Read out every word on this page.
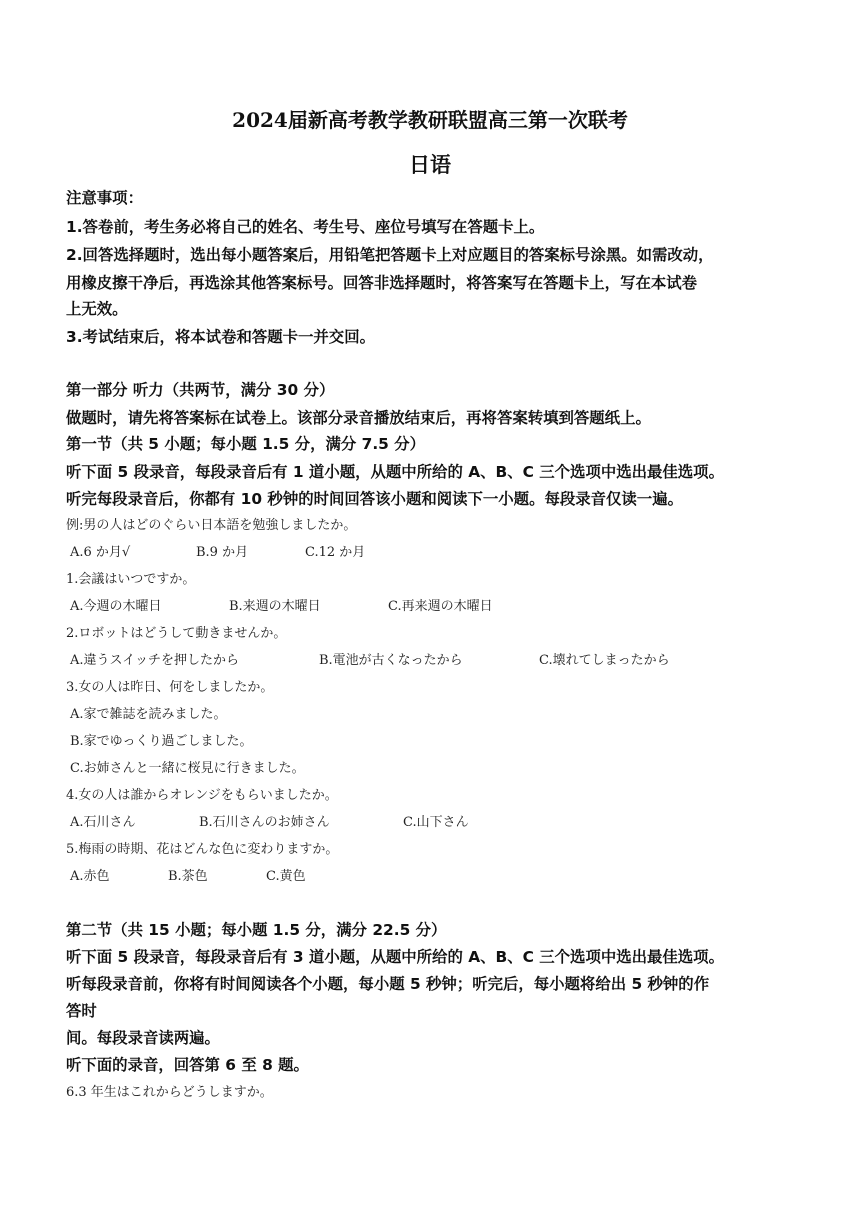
2024届新高考教学教研联盟高三第一次联考
日语
注意事项：
1.答卷前，考生务必将自己的姓名、考生号、座位号填写在答题卡上。
2.回答选择题时，选出每小题答案后，用铅笔把答题卡上对应题目的答案标号涂黑。如需改动，
用橡皮擦干净后，再选涂其他答案标号。回答非选择题时，将答案写在答题卡上，写在本试卷
上无效。
3.考试结束后，将本试卷和答题卡一并交回。
第一部分 听力（共两节，满分 30 分）
做题时，请先将答案标在试卷上。该部分录音播放结束后，再将答案转填到答题纸上。
第一节（共 5 小题；每小题 1.5 分，满分 7.5 分）
听下面 5 段录音，每段录音后有 1 道小题，从题中所给的 A、B、C 三个选项中选出最佳选项。
听完每段录音后，你都有 10 秒钟的时间回答该小题和阅读下一小题。每段录音仅读一遍。
例:男の人はどのぐらい日本語を勉強しましたか。
A.6 か月√	B.9 か月	C.12 か月
1.会議はいつですか。
A.今週の木曜日	B.来週の木曜日	C.再来週の木曜日
2.ロボットはどうして動きませんか。
A.違うスイッチを押したから	B.電池が古くなったから	C.壊れてしまったから
3.女の人は昨日、何をしましたか。
A.家で雑誌を読みました。
B.家でゆっくり過ごしました。
C.お姉さんと一緒に桜見に行きました。
4.女の人は誰からオレンジをもらいましたか。
A.石川さん	B.石川さんのお姉さん	C.山下さん
5.梅雨の時期、花はどんな色に変わりますか。
A.赤色	B.茶色	C.黄色
第二节（共 15 小题；每小题 1.5 分，满分 22.5 分）
听下面 5 段录音，每段录音后有 3 道小题，从题中所给的 A、B、C 三个选项中选出最佳选项。
听每段录音前，你将有时间阅读各个小题，每小题 5 秒钟；听完后，每小题将给出 5 秒钟的作
答时
间。每段录音读两遍。
听下面的录音，回答第 6 至 8 题。
6.3 年生はこれからどうしますか。
